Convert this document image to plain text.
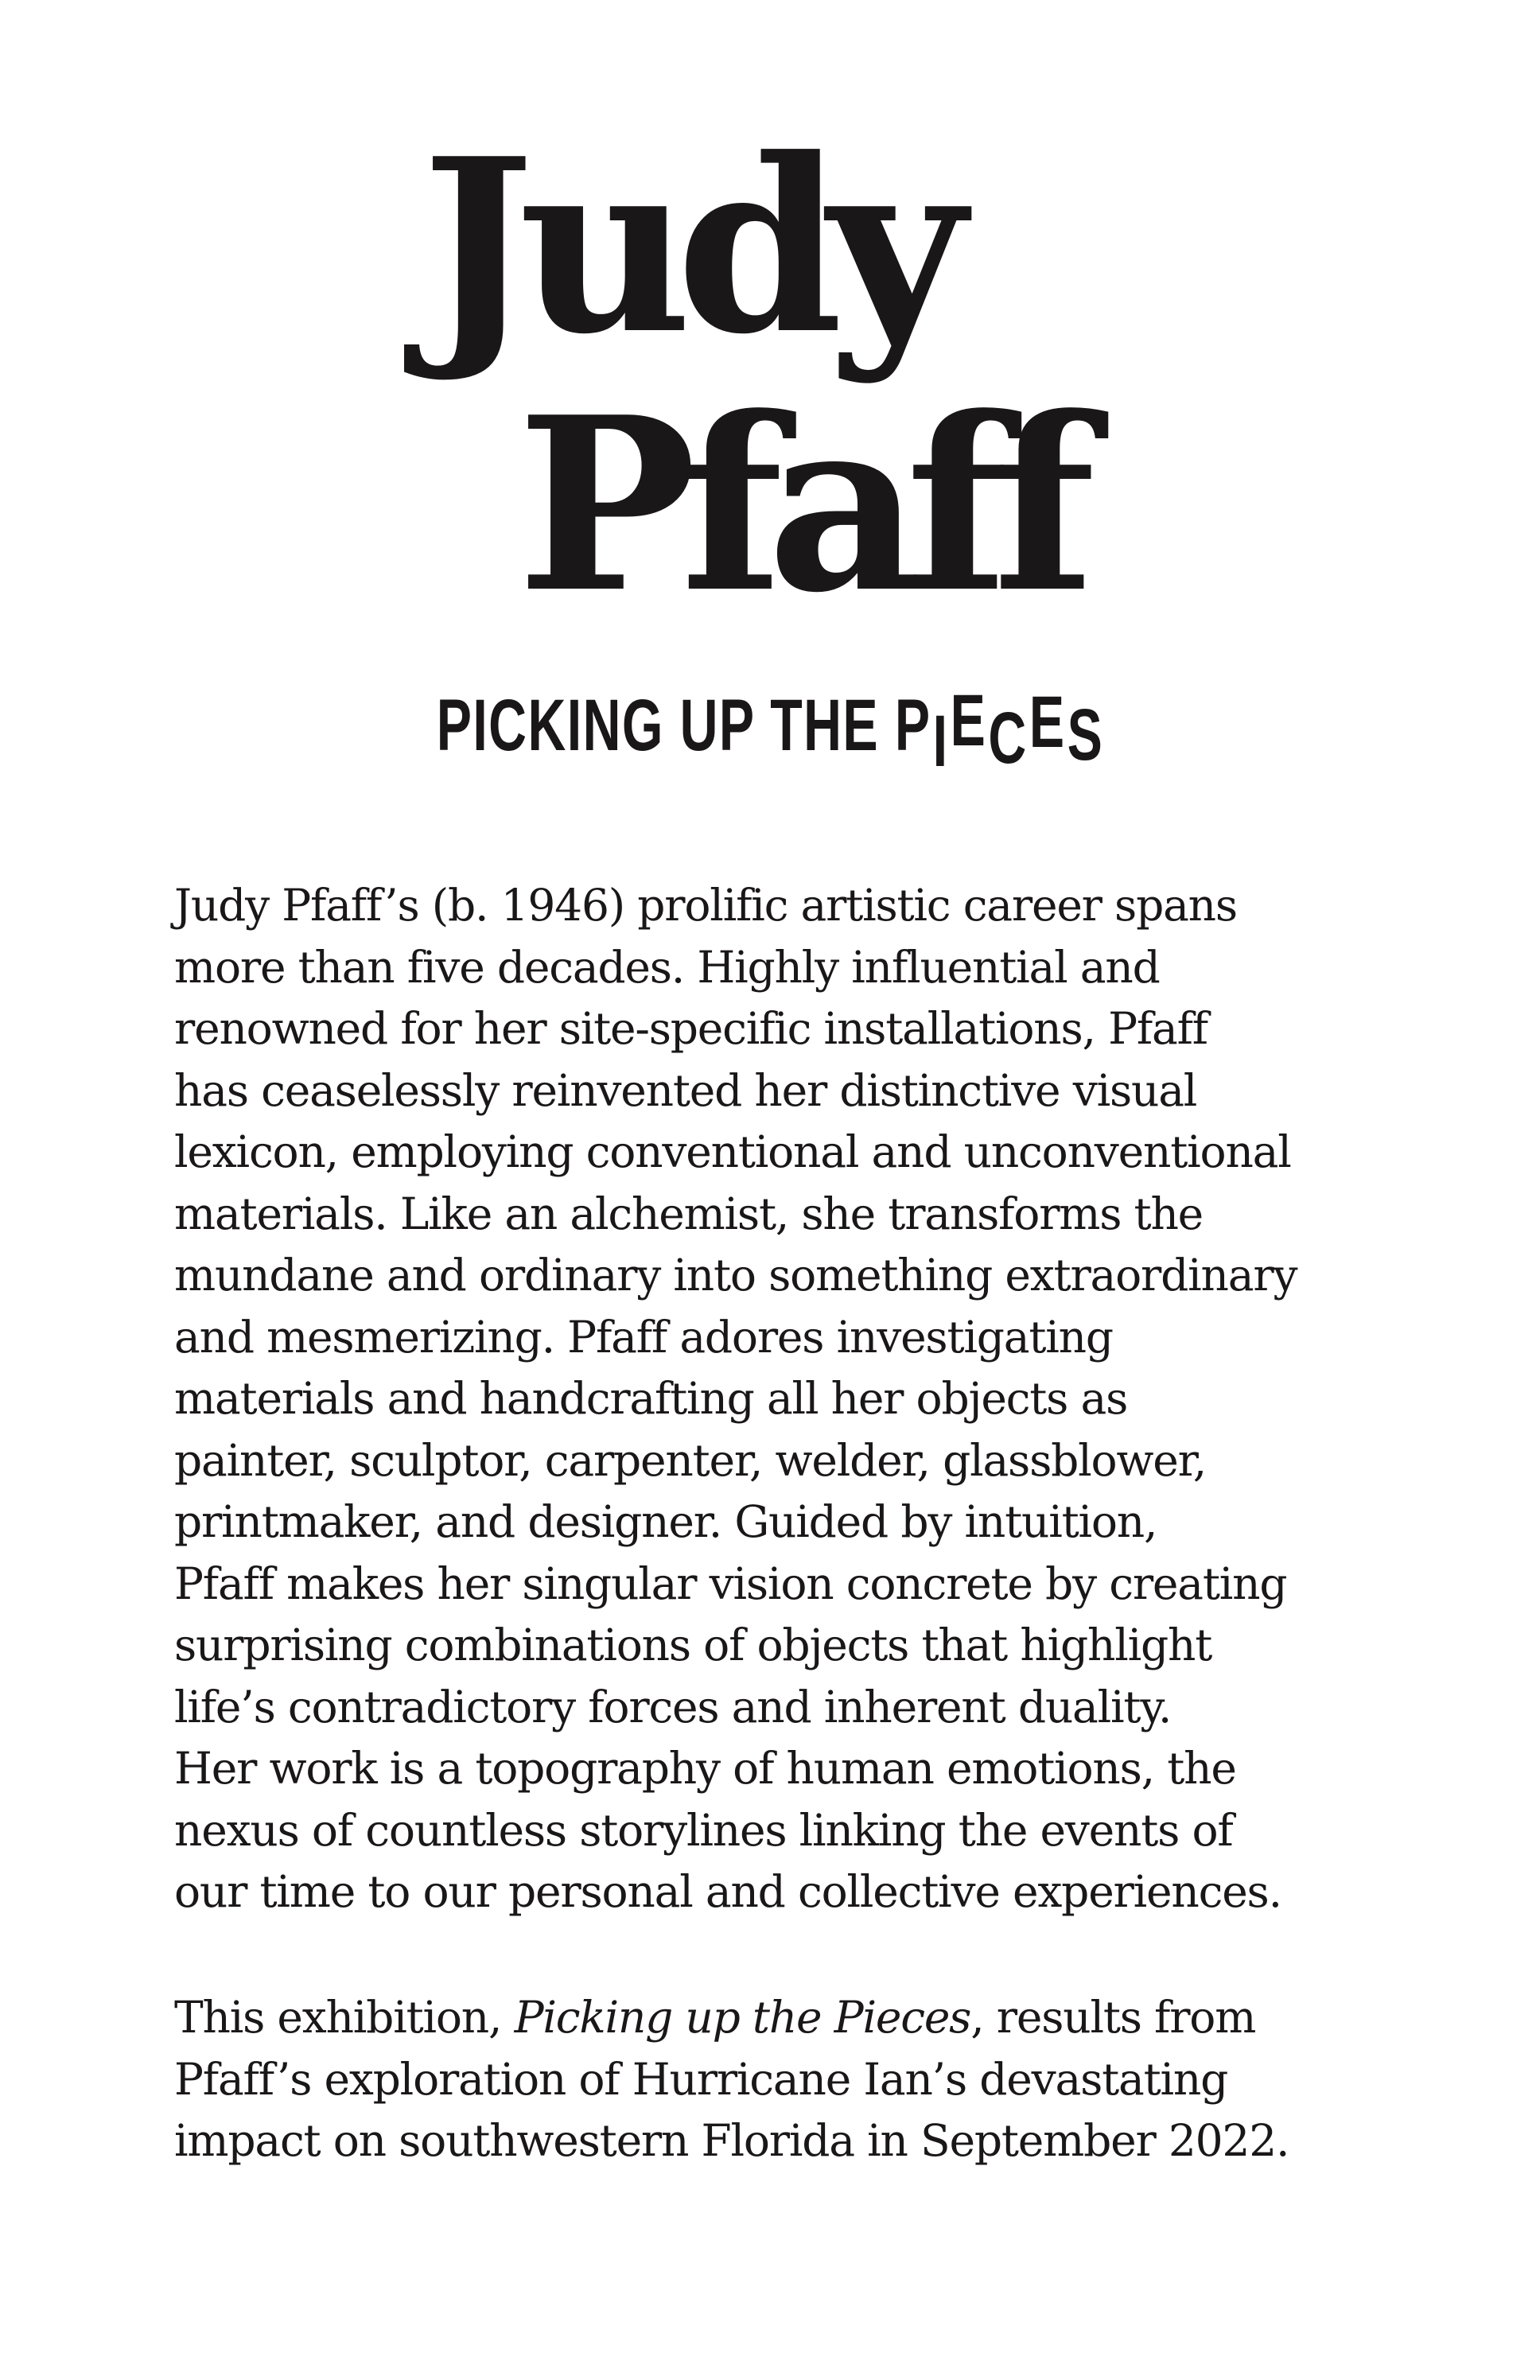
Judy
Pfaff
PICKING UP THE PIECES
Judy Pfaff’s (b. 1946) prolific artistic career spans
more than five decades. Highly influential and
renowned for her site-specific installations, Pfaff
has ceaselessly reinvented her distinctive visual
lexicon, employing conventional and unconventional
materials. Like an alchemist, she transforms the
mundane and ordinary into something extraordinary
and mesmerizing. Pfaff adores investigating
materials and handcrafting all her objects as
painter, sculptor, carpenter, welder, glassblower,
printmaker, and designer. Guided by intuition,
Pfaff makes her singular vision concrete by creating
surprising combinations of objects that highlight
life’s contradictory forces and inherent duality.
Her work is a topography of human emotions, the
nexus of countless storylines linking the events of
our time to our personal and collective experiences.
This exhibition, Picking up the Pieces, results from
Pfaff’s exploration of Hurricane Ian’s devastating
impact on southwestern Florida in September 2022.
